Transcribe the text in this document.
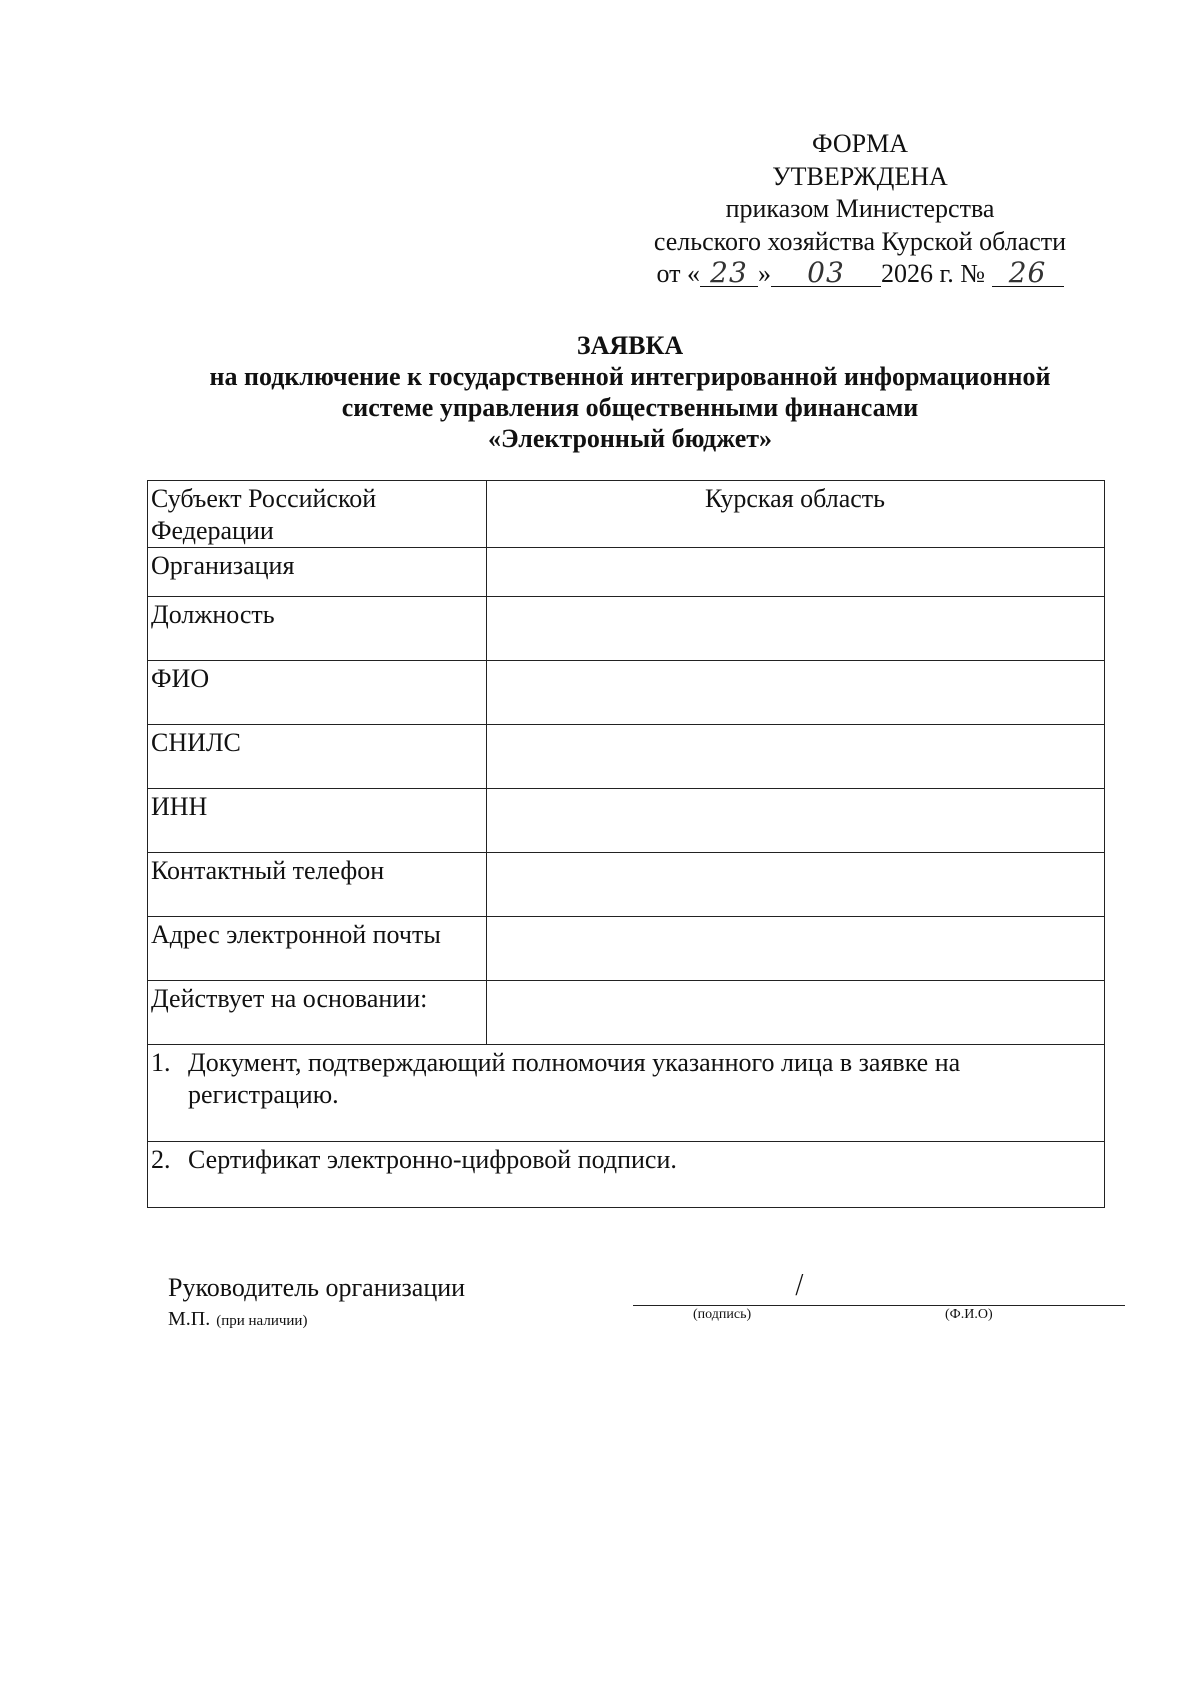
ФОРМА
УТВЕРЖДЕНА
приказом Министерства
сельского хозяйства Курской области
от « 23 » 03 2026 г. № 26
ЗАЯВКА
на подключение к государственной интегрированной информационной
системе управления общественными финансами
«Электронный бюджет»
Субъект Российской Федерации	Курская область
Организация	
Должность	
ФИО	
СНИЛС	
ИНН	
Контактный телефон	
Адрес электронной почты	
Действует на основании:	

1. Документ, подтверждающий полномочия указанного лица в заявке на регистрацию.	

2. Сертификат электронно-цифровой подписи.	
Руководитель организации
М.П. (при наличии)
/
(подпись)	(Ф.И.О)
